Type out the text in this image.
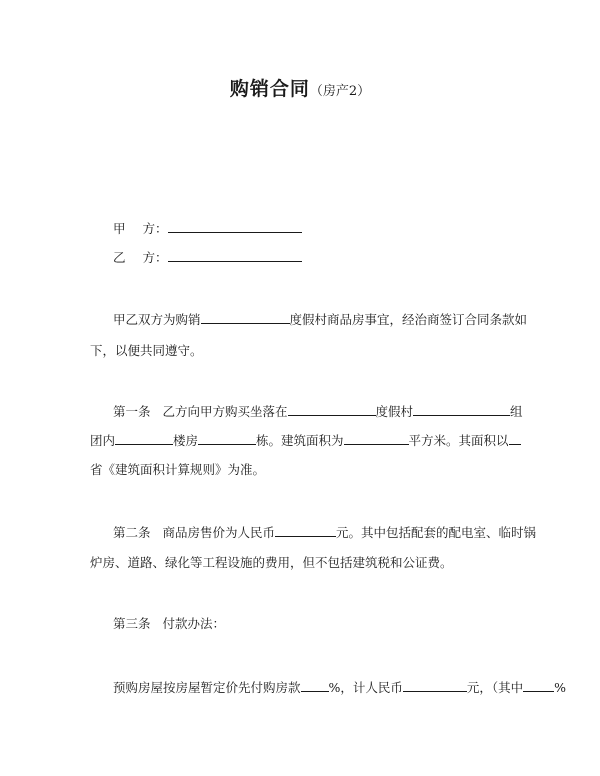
购销合同（房产2）
甲 方：
乙 方：
甲乙双方为购销	度假村商品房事宜，经治商签订合同条款如
下，以便共同遵守。
第一条 乙方向甲方购买坐落在	度假村	组
团内	楼房	栋。建筑面积为	平方米。其面积以
省《建筑面积计算规则》为准。
第二条 商品房售价为人民币	元。其中包括配套的配电室、临时锅
炉房、道路、绿化等工程设施的费用，但不包括建筑税和公证费。
第三条 付款办法：
预购房屋按房屋暂定价先付购房款 %，计人民币	元，（其中 %
